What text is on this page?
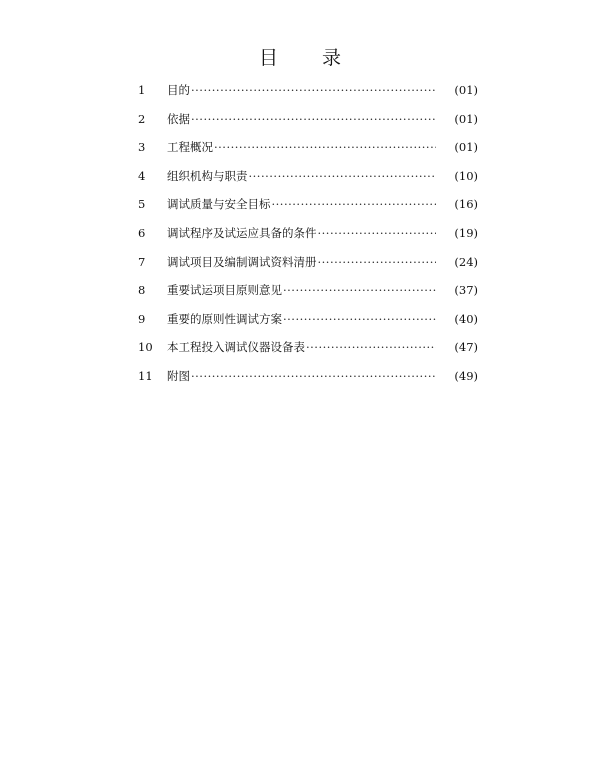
目 录
1	目的 ·····	(01)
2	依据 ·····	(01)
3	工程概况 ·····	(01)
4	组织机构与职责 ·····	(10)
5	调试质量与安全目标 ·····	(16)
6	调试程序及试运应具备的条件 ·····	(19)
7	调试项目及编制调试资料清册 ·····	(24)
8	重要试运项目原则意见 ·····	(37)
9	重要的原则性调试方案 ·····	(40)
10	本工程投入调试仪器设备表 ·····	(47)
11	附图 ·····	(49)
